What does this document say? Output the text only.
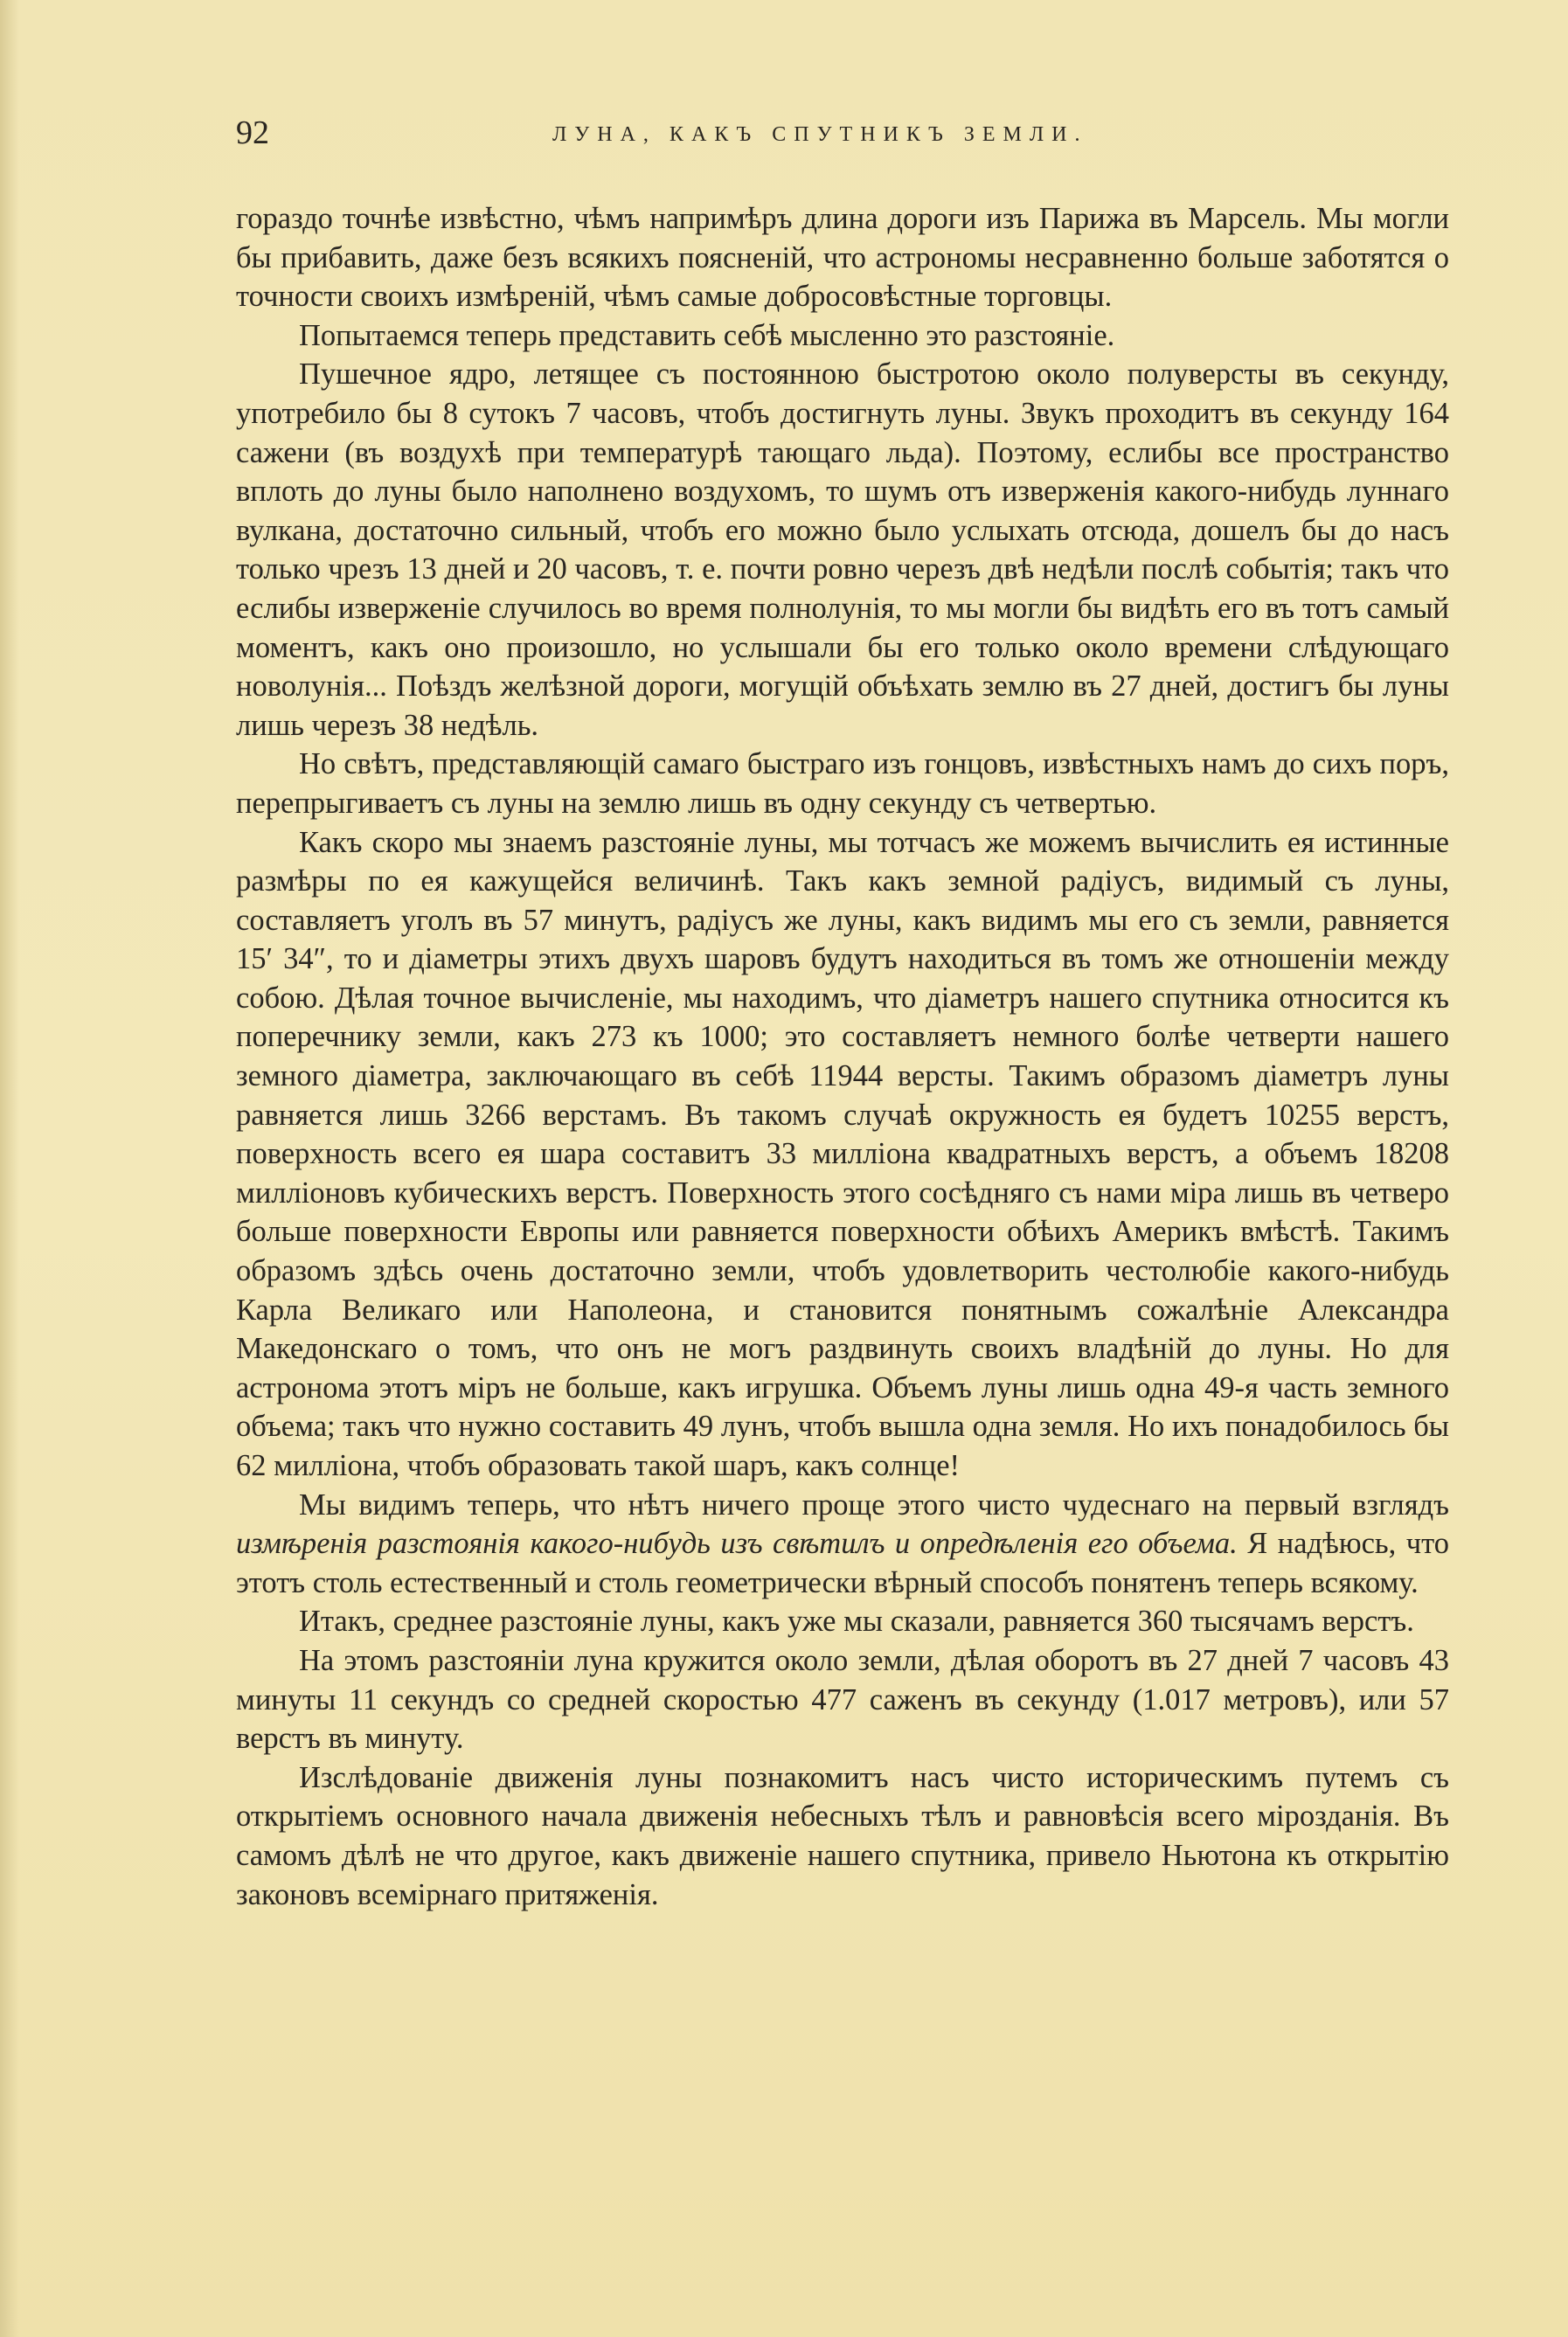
92	ЛУНА, КАКЪ СПУТНИКЪ ЗЕМЛИ.

гораздо точнѣе извѣстно, чѣмъ напримѣръ длина дороги изъ Парижа въ Марсель. Мы могли бы прибавить, даже безъ всякихъ поясненій, что астрономы несравненно больше заботятся о точности своихъ измѣреній, чѣмъ самые добросовѣстные торговцы.

Попытаемся теперь представить себѣ мысленно это разстояніе.

Пушечное ядро, летящее съ постоянною быстротою около полуверсты въ секунду, употребило бы 8 сутокъ 7 часовъ, чтобъ достигнуть луны. Звукъ проходитъ въ секунду 164 сажени (въ воздухѣ при температурѣ тающаго льда). Поэтому, еслибы все пространство вплоть до луны было наполнено воздухомъ, то шумъ отъ изверженія какого-нибудь луннаго вулкана, достаточно сильный, чтобъ его можно было услыхать отсюда, дошелъ бы до насъ только чрезъ 13 дней и 20 часовъ, т. е. почти ровно черезъ двѣ недѣли послѣ событія; такъ что еслибы изверженіе случилось во время полнолунія, то мы могли бы видѣть его въ тотъ самый моментъ, какъ оно произошло, но услышали бы его только около времени слѣдующаго новолунія... Поѣздъ желѣзной дороги, могущій объѣхать землю въ 27 дней, достигъ бы луны лишь черезъ 38 недѣль.

Но свѣтъ, представляющій самаго быстраго изъ гонцовъ, извѣстныхъ намъ до сихъ поръ, перепрыгиваетъ съ луны на землю лишь въ одну секунду съ четвертью.

Какъ скоро мы знаемъ разстояніе луны, мы тотчасъ же можемъ вычислить ея истинные размѣры по ея кажущейся величинѣ. Такъ какъ земной радіусъ, видимый съ луны, составляетъ уголъ въ 57 минутъ, радіусъ же луны, какъ видимъ мы его съ земли, равняется 15′ 34″, то и діаметры этихъ двухъ шаровъ будутъ находиться въ томъ же отношеніи между собою. Дѣлая точное вычисленіе, мы находимъ, что діаметръ нашего спутника относится къ поперечнику земли, какъ 273 къ 1000; это составляетъ немного болѣе четверти нашего земного діаметра, заключающаго въ себѣ 11944 версты. Такимъ образомъ діаметръ луны равняется лишь 3266 верстамъ. Въ такомъ случаѣ окружность ея будетъ 10255 верстъ, поверхность всего ея шара составитъ 33 милліона квадратныхъ верстъ, а объемъ 18208 милліоновъ кубическихъ верстъ. Поверхность этого сосѣдняго съ нами міра лишь въ четверо больше поверхности Европы или равняется поверхности обѣихъ Америкъ вмѣстѣ. Такимъ образомъ здѣсь очень достаточно земли, чтобъ удовлетворить честолюбіе какого-нибудь Карла Великаго или Наполеона, и становится понятнымъ сожалѣніе Александра Македонскаго о томъ, что онъ не могъ раздвинуть своихъ владѣній до луны. Но для астронома этотъ міръ не больше, какъ игрушка. Объемъ луны лишь одна 49-я часть земного объема; такъ что нужно составить 49 лунъ, чтобъ вышла одна земля. Но ихъ понадобилось бы 62 милліона, чтобъ образовать такой шаръ, какъ солнце!

Мы видимъ теперь, что нѣтъ ничего проще этого чисто чудеснаго на первый взглядъ измѣренія разстоянія какого-нибудь изъ свѣтилъ и опредѣленія его объема. Я надѣюсь, что этотъ столь естественный и столь геометрически вѣрный способъ понятенъ теперь всякому.

Итакъ, среднее разстояніе луны, какъ уже мы сказали, равняется 360 тысячамъ верстъ.

На этомъ разстояніи луна кружится около земли, дѣлая оборотъ въ 27 дней 7 часовъ 43 минуты 11 секундъ со средней скоростью 477 саженъ въ секунду (1.017 метровъ), или 57 верстъ въ минуту.

Изслѣдованіе движенія луны познакомитъ насъ чисто историческимъ путемъ съ открытіемъ основного начала движенія небесныхъ тѣлъ и равновѣсія всего мірозданія. Въ самомъ дѣлѣ не что другое, какъ движеніе нашего спутника, привело Ньютона къ открытію законовъ всемірнаго притяженія.
